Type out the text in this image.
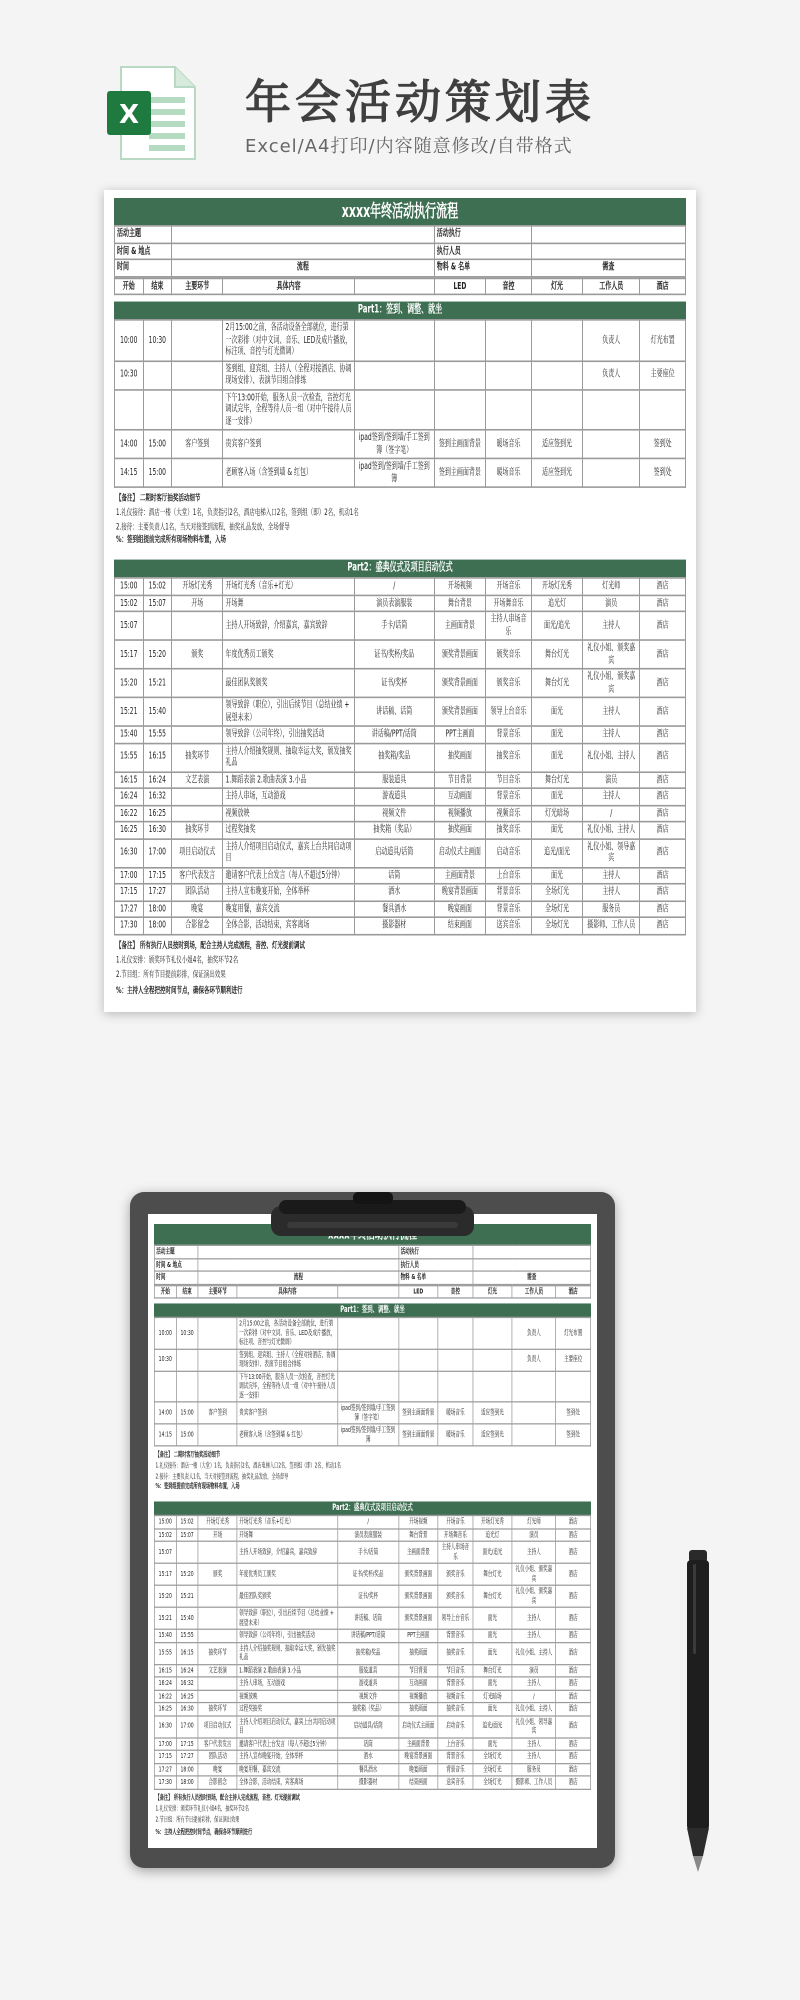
X 年会活动策划表
Excel/A4打印/内容随意修改/自带格式
xxxx年终活动执行流程
活动主题		活动执行	
时间 & 地点		执行人员	
时间	流程	物料 & 名单	需查
开始	结束	主要环节	具体内容		LED	音控	灯光	工作人员	酒店
Part1：签到、调整、就坐
10:00	10:30		2月15:00之前，各活动设备全部就位，进行第一次彩排（对中文词、音乐、LED及成片播放，标注项、音控与灯光微调）					负责人	灯光布置
10:30			签到组、迎宾组、主持人（全程对接酒店、协调现场安排）、表演节目组合排练					负责人	主要座位
			下午13:00开始，服务人员一次检查，音控灯光调试完毕，全程等待人员一组（对中午接待人员逐一安排）						
14:00	15:00	客户签到	贵宾客户签到	ipad签到/签到墙/手工签到簿（签字笔）	签到主画面背景	暖场音乐	适应签到光		签到处
14:15	15:00		老顾客入场（含签到墙 & 红包）	ipad签到/签到墙/手工签到簿	签到主画面背景	暖场音乐	适应签到光		签到处
【备注】 二期时客厅抽奖活动细节
1.礼仪接待：酒店一楼（大堂）1名，负责指引2名，酒店电梯入口2名，签到组（即）2名，机动1名
2.接待：主要负责人1名，当天对接签到流程，抽奖礼品发放，全场督导
%：签到组提前完成所有现场物料布置，入场
Part2：盛典仪式及项目启动仪式
15:00	15:02	开场灯光秀	开场灯光秀（音乐+灯光）	/	开场视频	开场音乐	开场灯光秀	灯光师	酒店
15:02	15:07	开场	开场舞	演员表演服装	舞台背景	开场舞音乐	追光灯	演员	酒店
15:07			主持人开场致辞，介绍嘉宾，嘉宾致辞	手卡/话筒	主画面背景	主持人串场音乐	面光/追光	主持人	酒店
15:17	15:20	颁奖	年度优秀员工颁奖	证书/奖杯/奖品	颁奖背景画面	颁奖音乐	舞台灯光	礼仪小姐、颁奖嘉宾	酒店
15:20	15:21		最佳团队奖颁奖	证书/奖杯	颁奖背景画面	颁奖音乐	舞台灯光	礼仪小姐、颁奖嘉宾	酒店
15:21	15:40		领导致辞（职位），引出后续节目（总结业绩 + 展望未来）	讲话稿、话筒	颁奖背景画面	领导上台音乐	面光	主持人	酒店
15:40	15:55		领导致辞（公司年终），引出抽奖活动	讲话稿/PPT/话筒	PPT主画面	背景音乐	面光	主持人	酒店
15:55	16:15	抽奖环节	主持人介绍抽奖规则、抽取幸运大奖，颁发抽奖礼品	抽奖箱/奖品	抽奖画面	抽奖音乐	面光	礼仪小姐、主持人	酒店
16:15	16:24	文艺表演	1.舞蹈表演 2.歌曲表演 3.小品	服装道具	节目背景	节目音乐	舞台灯光	演员	酒店
16:24	16:32		主持人串场，互动游戏	游戏道具	互动画面	背景音乐	面光	主持人	酒店
16:22	16:25		视频放映	视频文件	视频播放	视频音乐	灯光暗场	/	酒店
16:25	16:30	抽奖环节	过程奖抽奖	抽奖箱（奖品）	抽奖画面	抽奖音乐	面光	礼仪小姐、主持人	酒店
16:30	17:00	项目启动仪式	主持人介绍项目启动仪式，嘉宾上台共同启动项目	启动道具/话筒	启动仪式主画面	启动音乐	追光/面光	礼仪小姐、领导嘉宾	酒店
17:00	17:15	客户代表发言	邀请客户代表上台发言（每人不超过5分钟）	话筒	主画面背景	上台音乐	面光	主持人	酒店
17:15	17:27	团队活动	主持人宣布晚宴开始，全体举杯	酒水	晚宴背景画面	背景音乐	全场灯光	主持人	酒店
17:27	18:00	晚宴	晚宴用餐，嘉宾交流	餐具酒水	晚宴画面	背景音乐	全场灯光	服务员	酒店
17:30	18:00	合影留念	全体合影，活动结束，宾客离场	摄影器材	结束画面	送宾音乐	全场灯光	摄影师、工作人员	酒店
【备注】 所有执行人员按时到场，配合主持人完成流程，音控、灯光提前调试
1.礼仪安排：颁奖环节礼仪小姐4名，抽奖环节2名
2.节目组：所有节目提前彩排，保证演出效果
%：主持人全程把控时间节点，确保各环节顺利进行
活动主题		活动执行	
时间 & 地点		执行人员	
时间	流程	物料 & 名单	需查
开始	结束	主要环节	具体内容		LED	音控	灯光	工作人员	酒店
Part1：签到、调整、就坐
10:00	10:30		2月15:00之前，各活动设备全部就位，进行第一次彩排（对中文词、音乐、LED及成片播放，标注项、音控与灯光微调）					负责人	灯光布置
10:30			签到组、迎宾组、主持人（全程对接酒店、协调现场安排）、表演节目组合排练					负责人	主要座位
			下午13:00开始，服务人员一次检查，音控灯光调试完毕，全程等待人员一组（对中午接待人员逐一安排）						
14:00	15:00	客户签到	贵宾客户签到	ipad签到/签到墙/手工签到簿（签字笔）	签到主画面背景	暖场音乐	适应签到光		签到处
14:15	15:00		老顾客入场（含签到墙 & 红包）	ipad签到/签到墙/手工签到簿	签到主画面背景	暖场音乐	适应签到光		签到处
【备注】 二期时客厅抽奖活动细节
1.礼仪接待：酒店一楼（大堂）1名，负责指引2名，酒店电梯入口2名，签到组（即）2名，机动1名
2.接待：主要负责人1名，当天对接签到流程，抽奖礼品发放，全场督导
%：签到组提前完成所有现场物料布置，入场
Part2：盛典仪式及项目启动仪式
15:00	15:02	开场灯光秀	开场灯光秀（音乐+灯光）	/	开场视频	开场音乐	开场灯光秀	灯光师	酒店
15:02	15:07	开场	开场舞	演员表演服装	舞台背景	开场舞音乐	追光灯	演员	酒店
15:07			主持人开场致辞，介绍嘉宾，嘉宾致辞	手卡/话筒	主画面背景	主持人串场音乐	面光/追光	主持人	酒店
15:17	15:20	颁奖	年度优秀员工颁奖	证书/奖杯/奖品	颁奖背景画面	颁奖音乐	舞台灯光	礼仪小姐、颁奖嘉宾	酒店
15:20	15:21		最佳团队奖颁奖	证书/奖杯	颁奖背景画面	颁奖音乐	舞台灯光	礼仪小姐、颁奖嘉宾	酒店
15:21	15:40		领导致辞（职位），引出后续节目（总结业绩 + 展望未来）	讲话稿、话筒	颁奖背景画面	领导上台音乐	面光	主持人	酒店
15:40	15:55		领导致辞（公司年终），引出抽奖活动	讲话稿/PPT/话筒	PPT主画面	背景音乐	面光	主持人	酒店
15:55	16:15	抽奖环节	主持人介绍抽奖规则、抽取幸运大奖，颁发抽奖礼品	抽奖箱/奖品	抽奖画面	抽奖音乐	面光	礼仪小姐、主持人	酒店
16:15	16:24	文艺表演	1.舞蹈表演 2.歌曲表演 3.小品	服装道具	节目背景	节目音乐	舞台灯光	演员	酒店
16:24	16:32		主持人串场，互动游戏	游戏道具	互动画面	背景音乐	面光	主持人	酒店
16:22	16:25		视频放映	视频文件	视频播放	视频音乐	灯光暗场	/	酒店
16:25	16:30	抽奖环节	过程奖抽奖	抽奖箱（奖品）	抽奖画面	抽奖音乐	面光	礼仪小姐、主持人	酒店
16:30	17:00	项目启动仪式	主持人介绍项目启动仪式，嘉宾上台共同启动项目	启动道具/话筒	启动仪式主画面	启动音乐	追光/面光	礼仪小姐、领导嘉宾	酒店
17:00	17:15	客户代表发言	邀请客户代表上台发言（每人不超过5分钟）	话筒	主画面背景	上台音乐	面光	主持人	酒店
17:15	17:27	团队活动	主持人宣布晚宴开始，全体举杯	酒水	晚宴背景画面	背景音乐	全场灯光	主持人	酒店
17:27	18:00	晚宴	晚宴用餐，嘉宾交流	餐具酒水	晚宴画面	背景音乐	全场灯光	服务员	酒店
17:30	18:00	合影留念	全体合影，活动结束，宾客离场	摄影器材	结束画面	送宾音乐	全场灯光	摄影师、工作人员	酒店
【备注】 所有执行人员按时到场，配合主持人完成流程，音控、灯光提前调试
1.礼仪安排：颁奖环节礼仪小姐4名，抽奖环节2名
2.节目组：所有节目提前彩排，保证演出效果
%：主持人全程把控时间节点，确保各环节顺利进行
